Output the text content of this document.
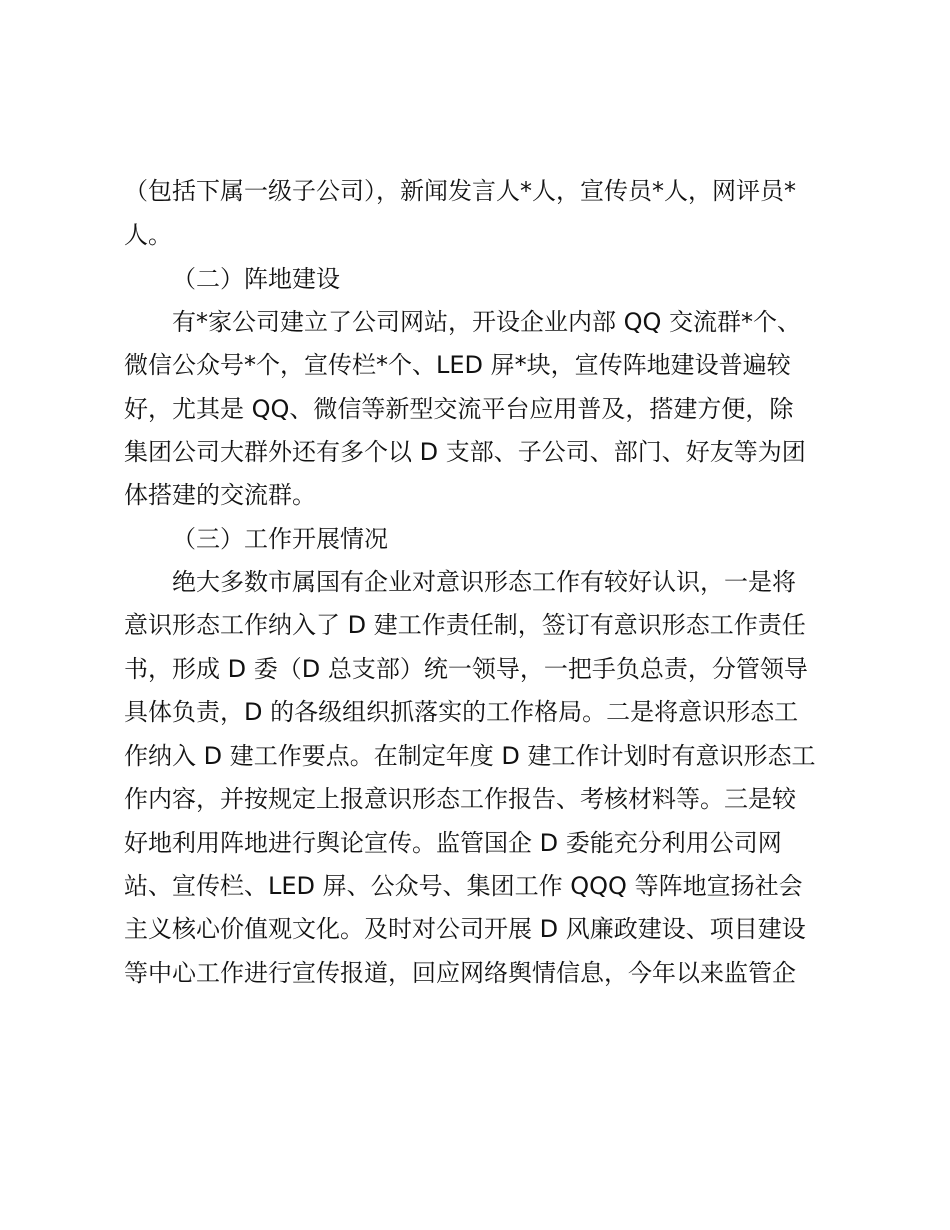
（包括下属一级子公司），新闻发言人*人，宣传员*人，网评员*
人。
（二）阵地建设
有*家公司建立了公司网站，开设企业内部 QQ 交流群*个、
微信公众号*个，宣传栏*个、LED 屏*块，宣传阵地建设普遍较
好，尤其是 QQ、微信等新型交流平台应用普及，搭建方便，除
集团公司大群外还有多个以 D 支部、子公司、部门、好友等为团
体搭建的交流群。
（三）工作开展情况
绝大多数市属国有企业对意识形态工作有较好认识，一是将
意识形态工作纳入了 D 建工作责任制，签订有意识形态工作责任
书，形成 D 委（D 总支部）统一领导，一把手负总责，分管领导
具体负责，D 的各级组织抓落实的工作格局。二是将意识形态工
作纳入 D 建工作要点。在制定年度 D 建工作计划时有意识形态工
作内容，并按规定上报意识形态工作报告、考核材料等。三是较
好地利用阵地进行舆论宣传。监管国企 D 委能充分利用公司网
站、宣传栏、LED 屏、公众号、集团工作 QQQ 等阵地宣扬社会
主义核心价值观文化。及时对公司开展 D 风廉政建设、项目建设
等中心工作进行宣传报道，回应网络舆情信息，今年以来监管企
